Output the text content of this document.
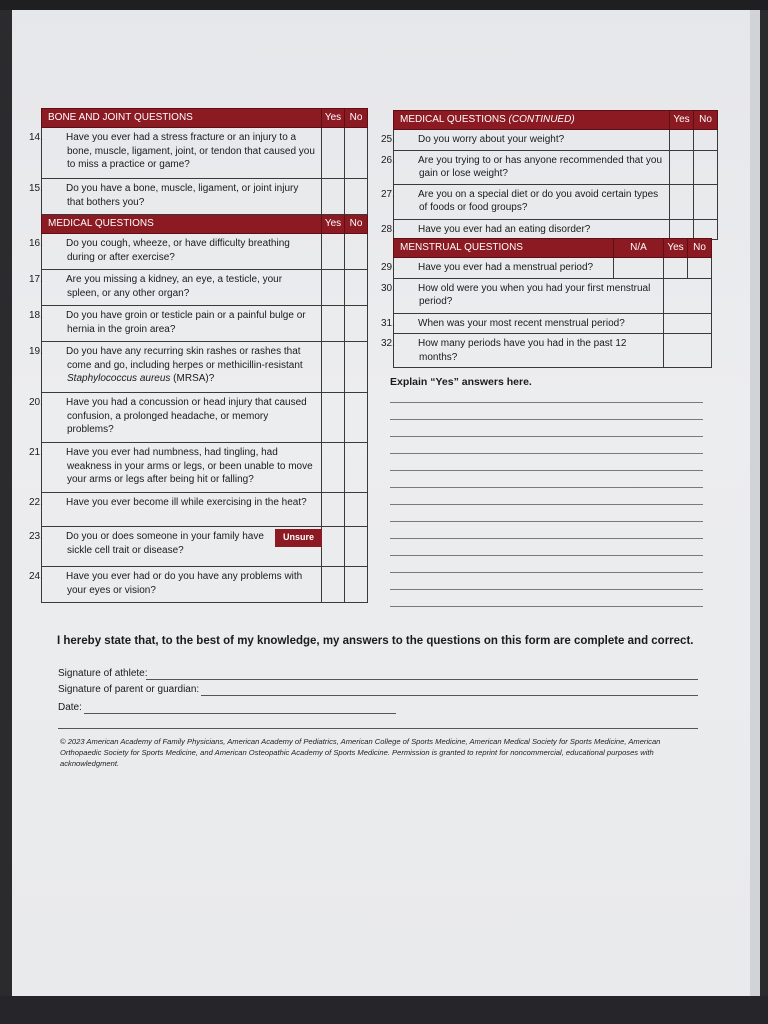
BONE AND JOINT QUESTIONS	Yes	No

14. Have you ever had a stress fracture or an injury to a bone, muscle, ligament, joint, or tendon that caused you to miss a practice or game?		

15. Do you have a bone, muscle, ligament, or joint injury that bothers you?		

MEDICAL QUESTIONS	Yes	No

16. Do you cough, wheeze, or have difficulty breathing during or after exercise?		

17. Are you missing a kidney, an eye, a testicle, your spleen, or any other organ?		

18. Do you have groin or testicle pain or a painful bulge or hernia in the groin area?		

19. Do you have any recurring skin rashes or rashes that come and go, including herpes or methicillin-resistant Staphylococcus aureus (MRSA)?		

20. Have you had a concussion or head injury that caused confusion, a prolonged headache, or memory problems?		

21. Have you ever had numbness, had tingling, had weakness in your arms or legs, or been unable to move your arms or legs after being hit or falling?		

22. Have you ever become ill while exercising in the heat?		

Unsure
23. Do you or does someone in your family have sickle cell trait or disease?		

24. Have you ever had or do you have any problems with your eyes or vision?		

MEDICAL QUESTIONS (CONTINUED)	Yes	No

25. Do you worry about your weight?		

26. Are you trying to or has anyone recommended that you gain or lose weight?		

27. Are you on a special diet or do you avoid certain types of foods or food groups?		

28. Have you ever had an eating disorder?		

MENSTRUAL QUESTIONS	N/A	Yes	No

29. Have you ever had a menstrual period?			

30. How old were you when you had your first menstrual period?			

31. When was your most recent menstrual period?			

32. How many periods have you had in the past 12 months?			

Explain “Yes” answers here.
I hereby state that, to the best of my knowledge, my answers to the questions on this form are complete and correct.
Signature of athlete:
Signature of parent or guardian:
Date:
© 2023 American Academy of Family Physicians, American Academy of Pediatrics, American College of Sports Medicine, American Medical Society for Sports Medicine, American Orthopaedic Society for Sports Medicine, and American Osteopathic Academy of Sports Medicine. Permission is granted to reprint for noncommercial, educational purposes with acknowledgment.
